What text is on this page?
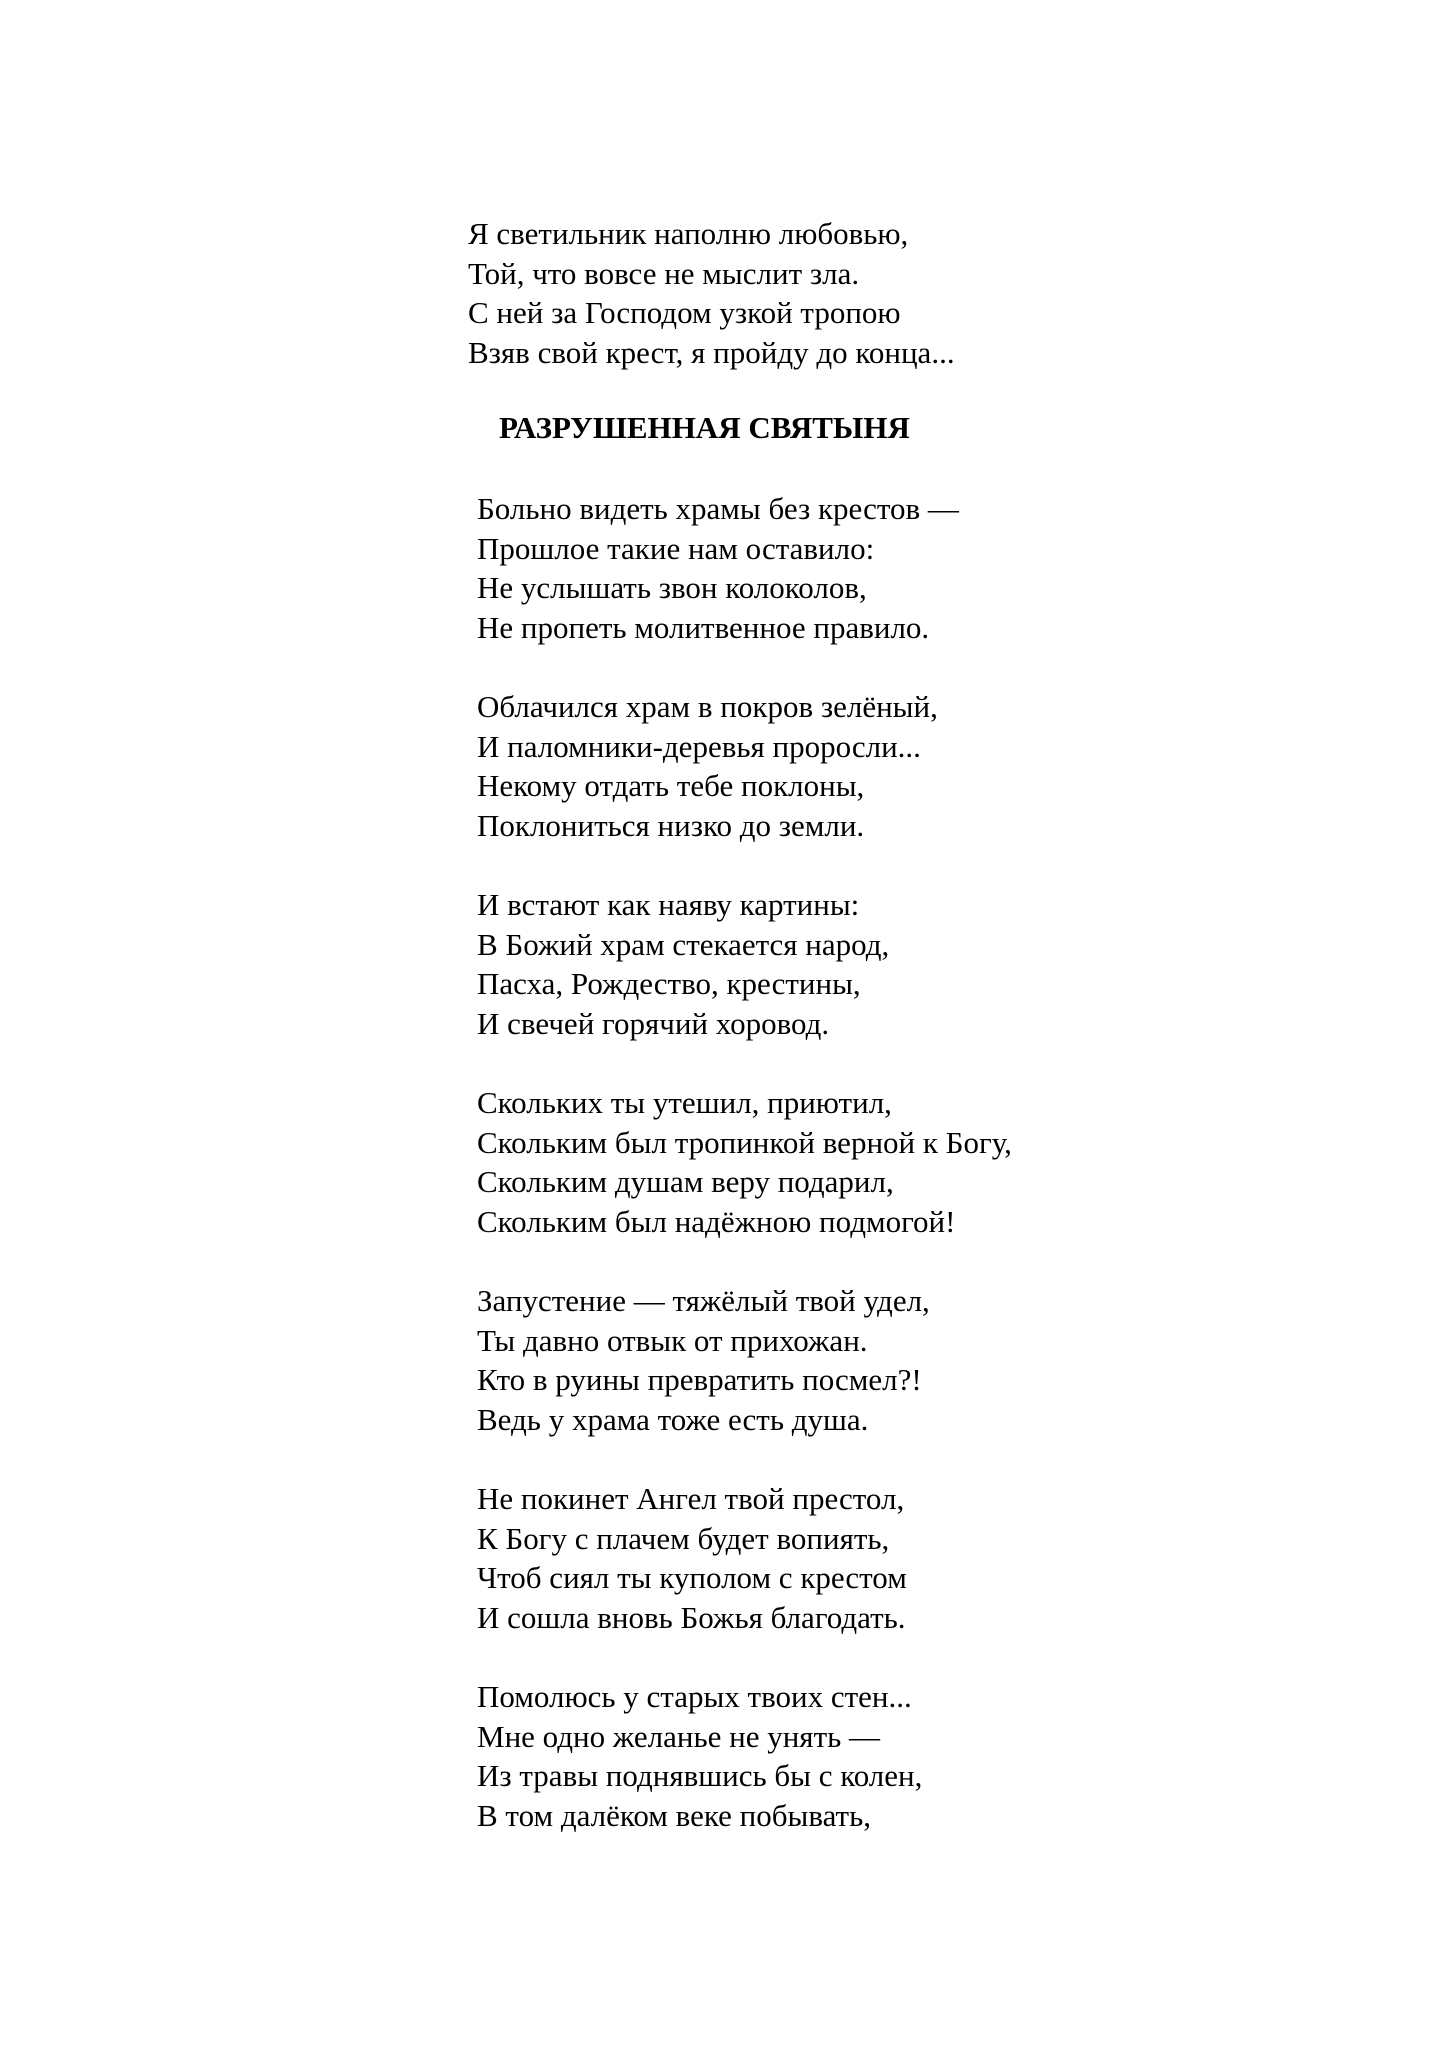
Я светильник наполню любовью,
Той, что вовсе не мыслит зла.
С ней за Господом узкой тропою
Взяв свой крест, я пройду до конца...
РАЗРУШЕННАЯ СВЯТЫНЯ
Больно видеть храмы без крестов —
Прошлое такие нам оставило:
Не услышать звон колоколов,
Не пропеть молитвенное правило.
Облачился храм в покров зелёный,
И паломники-деревья проросли...
Некому отдать тебе поклоны,
Поклониться низко до земли.
И встают как наяву картины:
В Божий храм стекается народ,
Пасха, Рождество, крестины,
И свечей горячий хоровод.
Скольких ты утешил, приютил,
Скольким был тропинкой верной к Богу,
Скольким душам веру подарил,
Скольким был надёжною подмогой!
Запустение — тяжёлый твой удел,
Ты давно отвык от прихожан.
Кто в руины превратить посмел?!
Ведь у храма тоже есть душа.
Не покинет Ангел твой престол,
К Богу с плачем будет вопиять,
Чтоб сиял ты куполом с крестом
И сошла вновь Божья благодать.
Помолюсь у старых твоих стен...
Мне одно желанье не унять —
Из травы поднявшись бы с колен,
В том далёком веке побывать,
